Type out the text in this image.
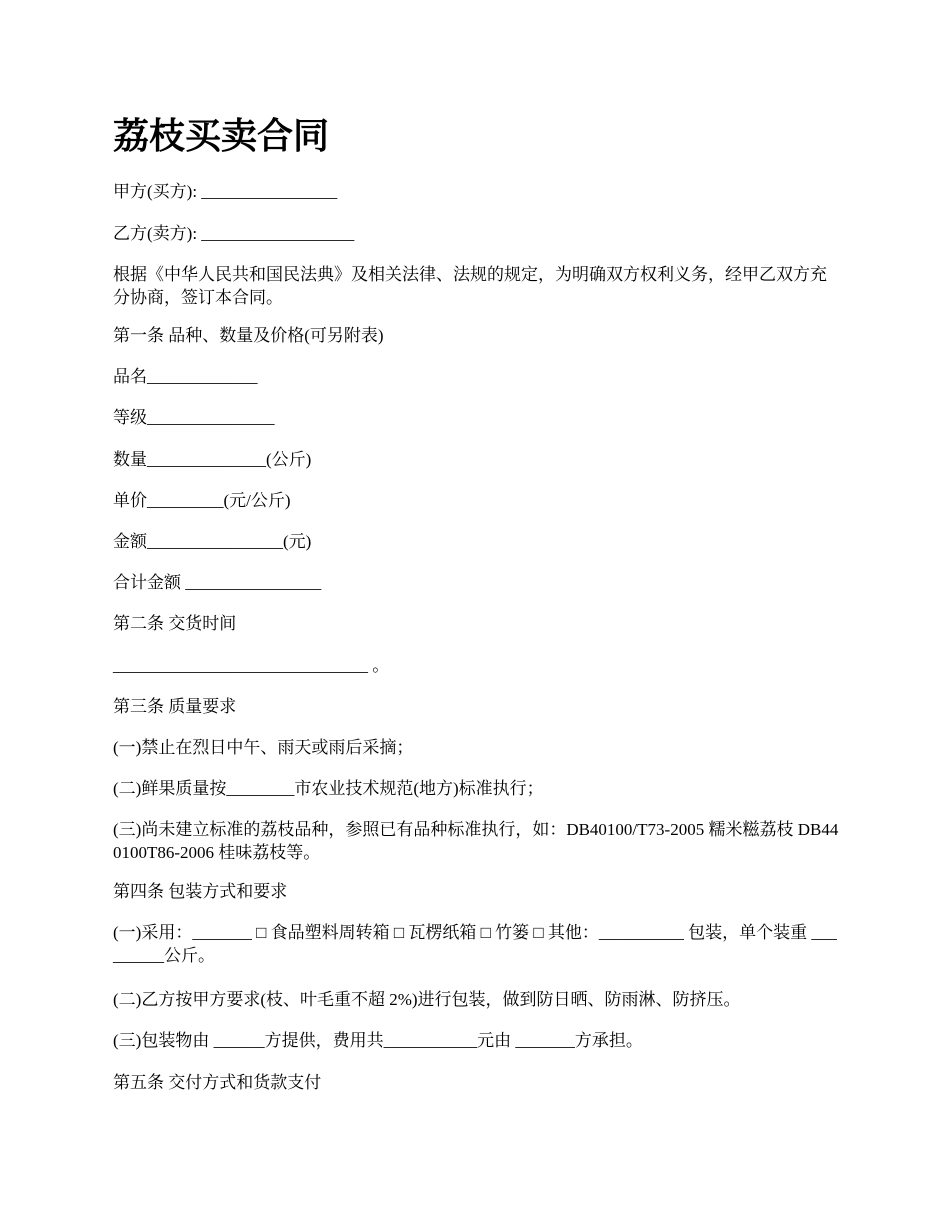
荔枝买卖合同

甲方(买方): ________________

乙方(卖方): __________________

根据《中华人民共和国民法典》及相关法律、法规的规定，为明确双方权利义务，经甲乙双方充分协商，签订本合同。

第一条 品种、数量及价格(可另附表)

品名_____________

等级_______________

数量______________(公斤)

单价_________(元/公斤)

金额________________(元)

合计金额 ________________

第二条 交货时间

______________________________ 。

第三条 质量要求

(一)禁止在烈日中午、雨天或雨后采摘；

(二)鲜果质量按________市农业技术规范(地方)标准执行；

(三)尚未建立标准的荔枝品种，参照已有品种标准执行，如：DB40100/T73-2005 糯米糍荔枝 DB440100T86-2006 桂味荔枝等。

第四条 包装方式和要求

(一)采用：_______ □ 食品塑料周转箱 □ 瓦楞纸箱 □ 竹篓 □ 其他：__________ 包装，单个装重 _________公斤。

(二)乙方按甲方要求(枝、叶毛重不超 2%)进行包装，做到防日晒、防雨淋、防挤压。

(三)包装物由 ______方提供，费用共___________元由 _______方承担。

第五条 交付方式和货款支付
